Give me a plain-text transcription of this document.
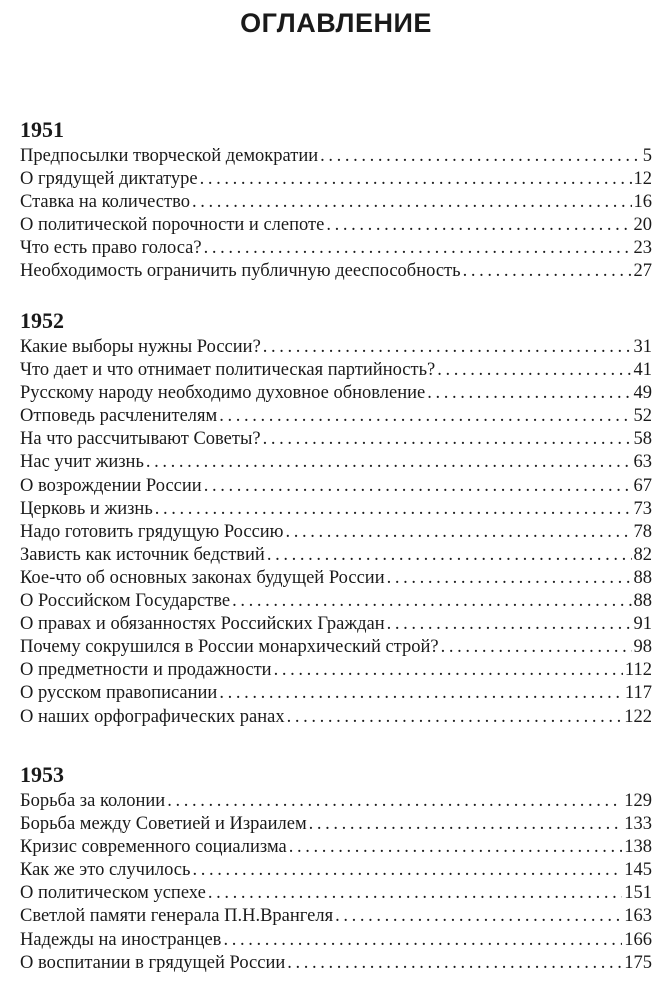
ОГЛАВЛЕНИЕ
1951
Предпосылки творческой демократии . . .	5
О грядущей диктатуре . . .	12
Ставка на количество . . .	16
О политической порочности и слепоте . . .	20
Что есть право голоса? . . .	23
Необходимость ограничить публичную дееспособность . . .	27
1952
Какие выборы нужны России? . . .	31
Что дает и что отнимает политическая партийность? . . .	41
Русскому народу необходимо духовное обновление . . .	49
Отповедь расчленителям . . .	52
На что рассчитывают Советы? . . .	58
Нас учит жизнь . . .	63
О возрождении России . . .	67
Церковь и жизнь . . .	73
Надо готовить грядущую Россию . . .	78
Зависть как источник бедствий . . .	82
Кое-что об основных законах будущей России . . .	88
О Российском Государстве . . .	88
О правах и обязанностях Российских Граждан . . .	91
Почему сокрушился в России монархический строй? . . .	98
О предметности и продажности . . .	112
О русском правописании . . .	117
О наших орфографических ранах . . .	122
1953
Борьба за колонии . . .	129
Борьба между Советией и Израилем . . .	133
Кризис современного социализма . . .	138
Как же это случилось . . .	145
О политическом успехе . . .	151
Светлой памяти генерала П.Н.Врангеля . . .	163
Надежды на иностранцев . . .	166
О воспитании в грядущей России . . .	175
